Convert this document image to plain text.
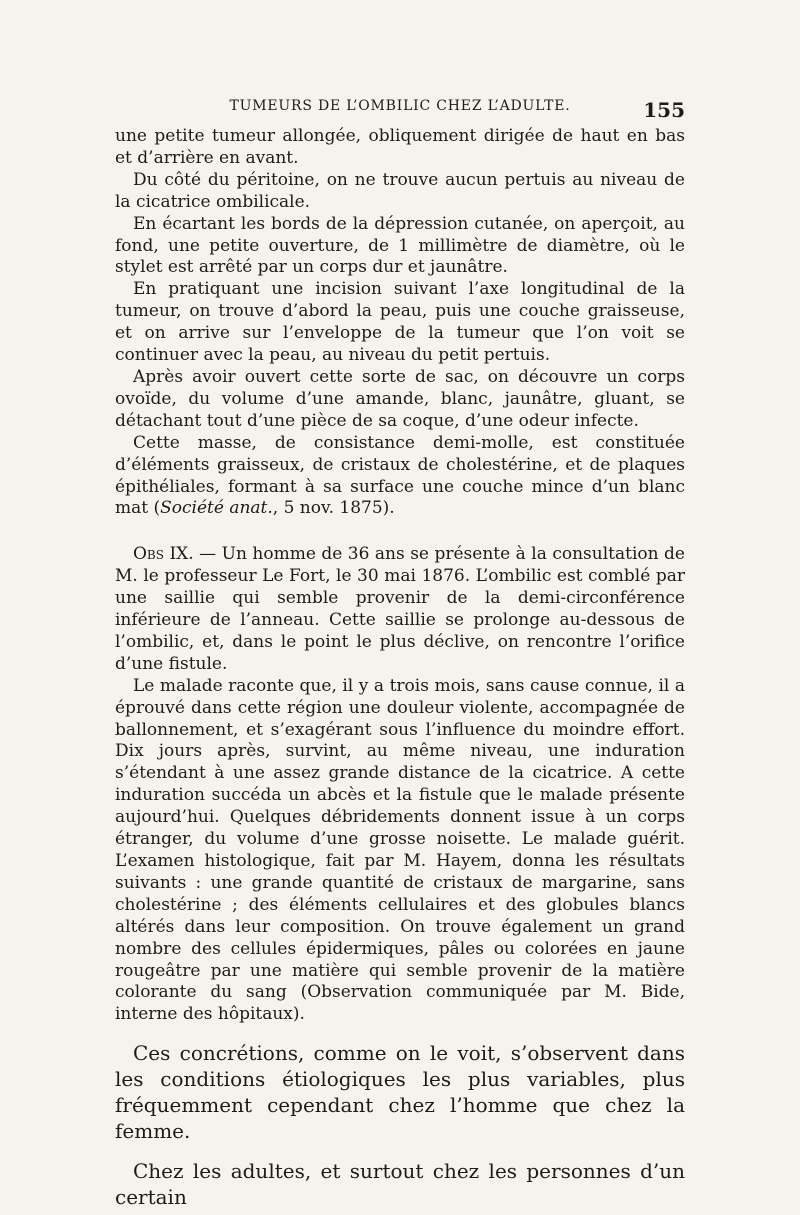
TUMEURS DE L’OMBILIC CHEZ L’ADULTE.	155

une petite tumeur allongée, obliquement dirigée de haut en bas et d’arrière en avant.

Du côté du péritoine, on ne trouve aucun pertuis au niveau de la cicatrice ombilicale.

En écartant les bords de la dépression cutanée, on aperçoit, au fond, une petite ouverture, de 1 millimètre de diamètre, où le stylet est arrêté par un corps dur et jaunâtre.

En pratiquant une incision suivant l’axe longitudinal de la tumeur, on trouve d’abord la peau, puis une couche graisseuse, et on arrive sur l’enveloppe de la tumeur que l’on voit se continuer avec la peau, au niveau du petit pertuis.

Après avoir ouvert cette sorte de sac, on découvre un corps ovoïde, du volume d’une amande, blanc, jaunâtre, gluant, se détachant tout d’une pièce de sa coque, d’une odeur infecte.

Cette masse, de consistance demi-molle, est constituée d’éléments graisseux, de cristaux de cholestérine, et de plaques épithéliales, formant à sa surface une couche mince d’un blanc mat (Société anat., 5 nov. 1875).

Obs IX. — Un homme de 36 ans se présente à la consultation de M. le professeur Le Fort, le 30 mai 1876. L’ombilic est comblé par une saillie qui semble provenir de la demi-circonférence inférieure de l’anneau. Cette saillie se prolonge au-dessous de l’ombilic, et, dans le point le plus déclive, on rencontre l’orifice d’une fistule.

Le malade raconte que, il y a trois mois, sans cause connue, il a éprouvé dans cette région une douleur violente, accompagnée de ballonnement, et s’exagérant sous l’influence du moindre effort. Dix jours après, survint, au même niveau, une induration s’étendant à une assez grande distance de la cicatrice. A cette induration succéda un abcès et la fistule que le malade présente aujourd’hui. Quelques débridements donnent issue à un corps étranger, du volume d’une grosse noisette. Le malade guérit. L’examen histologique, fait par M. Hayem, donna les résultats suivants : une grande quantité de cristaux de margarine, sans cholestérine ; des éléments cellulaires et des globules blancs altérés dans leur composition. On trouve également un grand nombre des cellules épidermiques, pâles ou colorées en jaune rougeâtre par une matière qui semble provenir de la matière colorante du sang (Observation communiquée par M. Bide, interne des hôpitaux).

Ces concrétions, comme on le voit, s’observent dans les conditions étiologiques les plus variables, plus fréquemment cependant chez l’homme que chez la femme.

Chez les adultes, et surtout chez les personnes d’un certain
